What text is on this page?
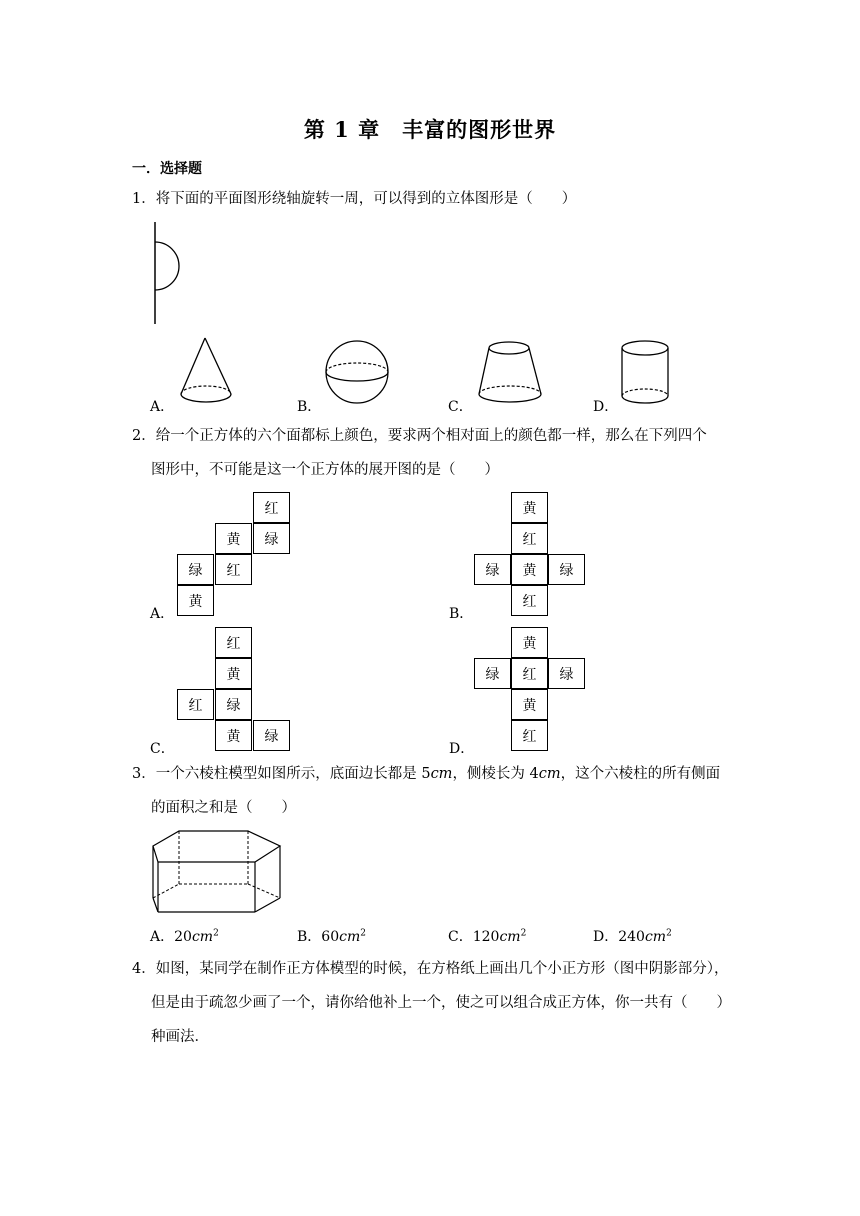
第 1 章　丰富的图形世界
一．选择题
1．将下面的平面图形绕轴旋转一周，可以得到的立体图形是（　　）
A．	B．	C．	D．
2．给一个正方体的六个面都标上颜色，要求两个相对面上的颜色都一样，那么在下列四个
图形中，不可能是这一个正方体的展开图的是（　　）
红
黄	绿
绿	红
黄
A．
黄
红
绿	黄	绿
红
B．
红
黄
红	绿
黄	绿
C．
黄
绿	红	绿
黄
红
D．
3．一个六棱柱模型如图所示，底面边长都是 5cm，侧棱长为 4cm，这个六棱柱的所有侧面
的面积之和是（　　）
A．$20cm^2$	B．$60cm^2$	C．$120cm^2$	D．$240cm^2$
4．如图，某同学在制作正方体模型的时候，在方格纸上画出几个小正方形（图中阴影部分），
但是由于疏忽少画了一个，请你给他补上一个，使之可以组合成正方体，你一共有（　　）
种画法．
